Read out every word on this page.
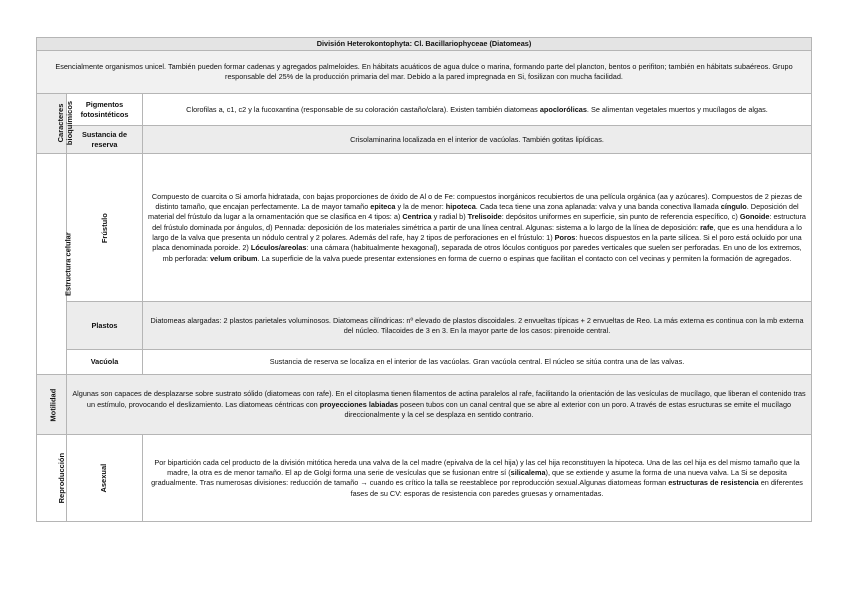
División Heterokontophyta: Cl. Bacillariophyceae (Diatomeas)		
Esencialmente organismos unicel. También pueden formar cadenas y agregados palmeloides. En hábitats acuáticos de agua dulce o marina, formando parte del plancton, bentos o perifiton; también en hábitats subaéreos. Grupo responsable del 25% de la producción primaria del mar. Debido a la pared impregnada en Si, fosilizan con mucha facilidad.		
Caracteres bioquímicos	Pigmentos fotosintéticos	Clorofilas a, c1, c2 y la fucoxantina (responsable de su coloración castaño/clara). Existen también diatomeas apoclorólicas. Se alimentan vegetales muertos y mucílagos de algas.
	Sustancia de reserva	Crisolaminarina localizada en el interior de vacúolas. También gotitas lipídicas.
Estructura celular	Frústulo	Compuesto de cuarcita o Si amorfa hidratada, con bajas proporciones de óxido de Al o de Fe: compuestos inorgánicos recubiertos de una película orgánica (aa y azúcares). Compuestos de 2 piezas de distinto tamaño, que encajan perfectamente. La de mayor tamaño epiteca y la de menor: hipoteca. Cada teca tiene una zona aplanada: valva y una banda conectiva llamada cíngulo. Deposición del material del frústulo da lugar a la ornamentación que se clasifica en 4 tipos: a) Centrica y radial b) Trelisoide: depósitos uniformes en superficie, sin punto de referencia específico, c) Gonoide: estructura del frústulo dominada por ángulos, d) Pennada: deposición de los materiales simétrica a partir de una línea central. Algunas: sistema a lo largo de la línea de deposición: rafe, que es una hendidura a lo largo de la valva que presenta un nódulo central y 2 polares. Además del rafe, hay 2 tipos de perforaciones en el frústulo: 1) Poros: huecos dispuestos en la parte silícea. Si el poro está ocluido por una placa denominada poroide. 2) Lóculos/areolas: una cámara (habitualmente hexagonal), separada de otros lóculos contiguos por paredes verticales que suelen ser perforadas. En uno de los extremos, mb perforada: velum cribum. La superficie de la valva puede presentar extensiones en forma de cuerno o espinas que facilitan el contacto con cel vecinas y permiten la formación de agregados.
	Plastos	Diatomeas alargadas: 2 plastos parietales voluminosos. Diatomeas cilíndricas: nº elevado de plastos discoidales. 2 envueltas típicas + 2 envueltas de Reo. La más externa es continua con la mb externa del núcleo. Tilacoides de 3 en 3. En la mayor parte de los casos: pirenoide central.
	Vacúola	Sustancia de reserva se localiza en el interior de las vacúolas. Gran vacúola central. El núcleo se sitúa contra una de las valvas.
Motilidad	Algunas son capaces de desplazarse sobre sustrato sólido (diatomeas con rafe). En el citoplasma tienen filamentos de actina paralelos al rafe, facilitando la orientación de las vesículas de mucílago, que liberan el contenido tras un estímulo, provocando el deslizamiento. Las diatomeas céntricas con proyecciones labiadas poseen tubos con un canal central que se abre al exterior con un poro. A través de estas esructuras se emite el mucílago direccionalmente y la cel se desplaza en sentido contrario.	
Reproducción	Asexual	Por bipartición cada cel producto de la división mitótica hereda una valva de la cel madre (epivalva de la cel hija) y las cel hija reconstituyen la hipoteca. Una de las cel hija es del mismo tamaño que la madre, la otra es de menor tamaño. El ap de Golgi forma una serie de vesículas que se fusionan entre sí (silicalema), que se extiende y asume la forma de una nueva valva. La Si se deposita gradualmente. Tras numerosas divisiones: reducción de tamaño → cuando es crítico la talla se reestablece por reproducción sexual.Algunas diatomeas forman estructuras de resistencia en diferentes fases de su CV: esporas de resistencia con paredes gruesas y ornamentadas.
